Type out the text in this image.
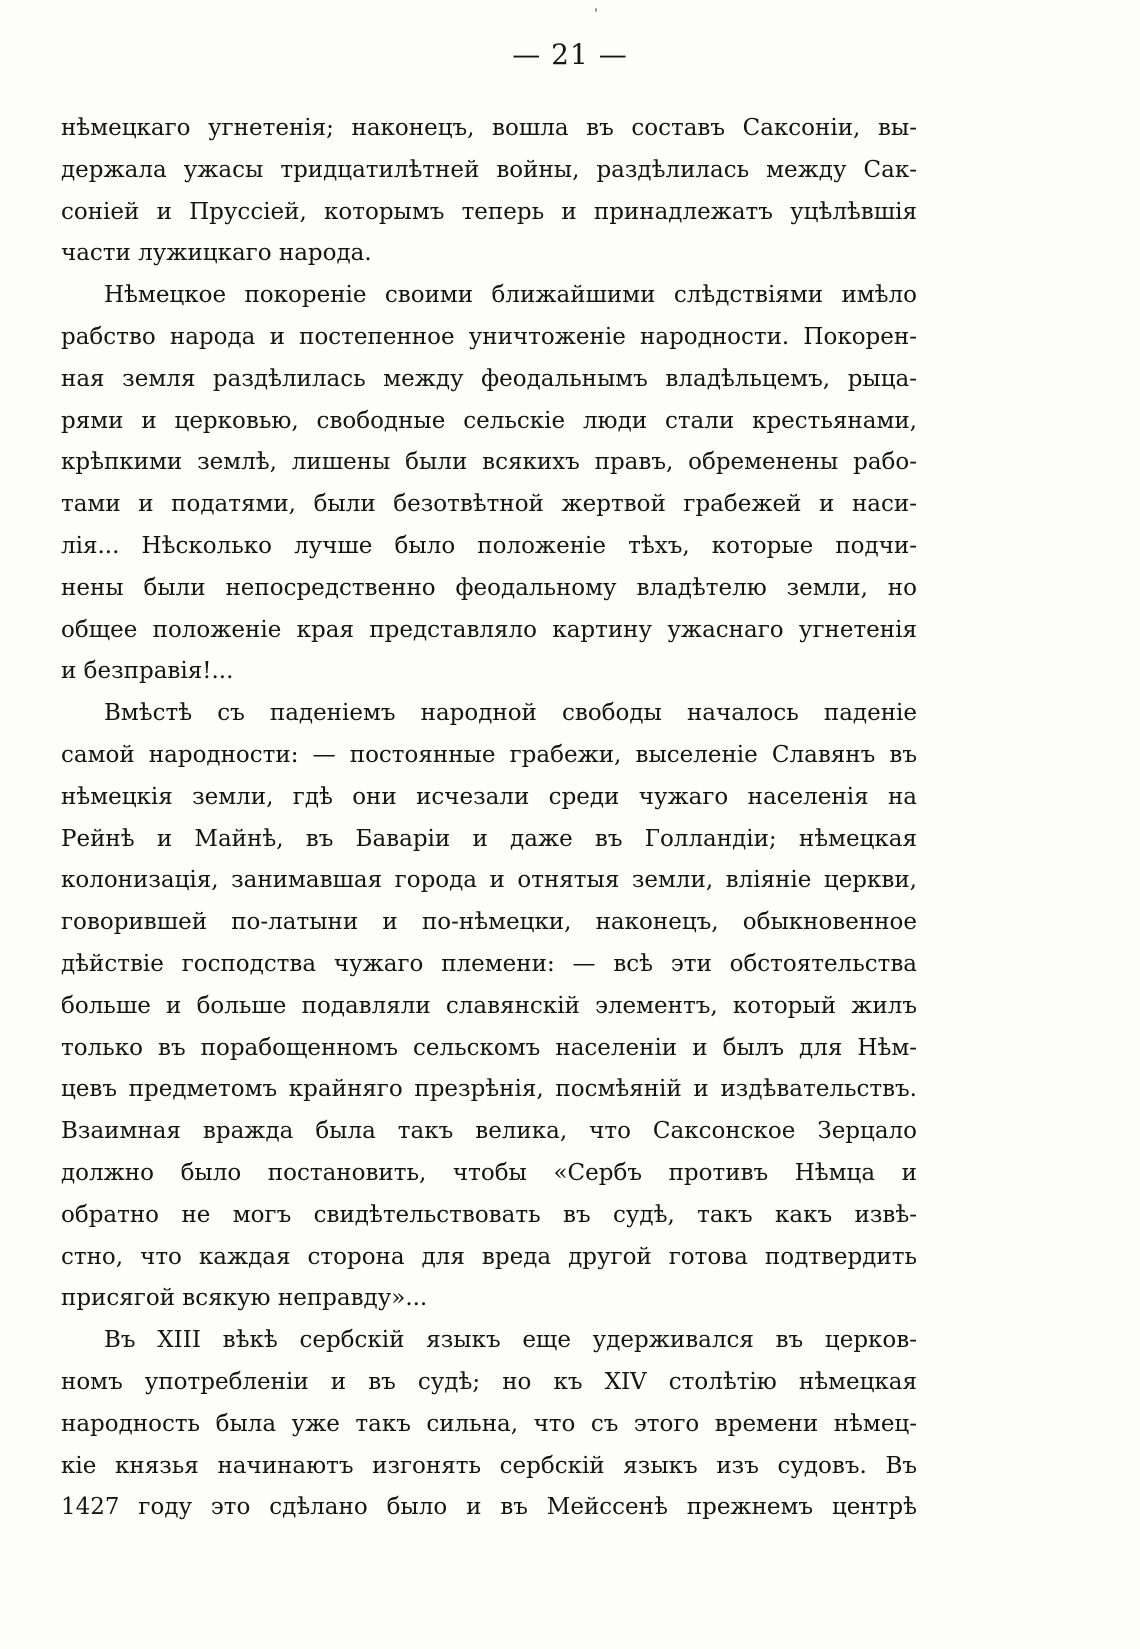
— 21 —
нѣмецкаго угнетенія; наконецъ, вошла въ составъ Саксоніи, вы-
держала ужасы тридцатилѣтней войны, раздѣлилась между Сак-
соніей и Пруссіей, которымъ теперь и принадлежатъ уцѣлѣвшія
части лужицкаго народа.
Нѣмецкое покореніе своими ближайшими слѣдствіями имѣло
рабство народа и постепенное уничтоженіе народности. Покорен-
ная земля раздѣлилась между феодальнымъ владѣльцемъ, рыца-
рями и церковью, свободные сельскіе люди стали крестьянами,
крѣпкими землѣ, лишены были всякихъ правъ, обременены рабо-
тами и податями, были безотвѣтной жертвой грабежей и наси-
лія... Нѣсколько лучше было положеніе тѣхъ, которые подчи-
нены были непосредственно феодальному владѣтелю земли, но
общее положеніе края представляло картину ужаснаго угнетенія
и безправія!...
Вмѣстѣ съ паденіемъ народной свободы началось паденіе
самой народности: — постоянные грабежи, выселеніе Славянъ въ
нѣмецкія земли, гдѣ они исчезали среди чужаго населенія на
Рейнѣ и Майнѣ, въ Баваріи и даже въ Голландіи; нѣмецкая
колонизація, занимавшая города и отнятыя земли, вліяніе церкви,
говорившей по-латыни и по-нѣмецки, наконецъ, обыкновенное
дѣйствіе господства чужаго племени: — всѣ эти обстоятельства
больше и больше подавляли славянскій элементъ, который жилъ
только въ порабощенномъ сельскомъ населеніи и былъ для Нѣм-
цевъ предметомъ крайняго презрѣнія, посмѣяній и издѣвательствъ.
Взаимная вражда была такъ велика, что Саксонское Зерцало
должно было постановить, чтобы «Сербъ противъ Нѣмца и
обратно не могъ свидѣтельствовать въ судѣ, такъ какъ извѣ-
стно, что каждая сторона для вреда другой готова подтвердить
присягой всякую неправду»...
Въ XIII вѣкѣ сербскій языкъ еще удерживался въ церков-
номъ употребленіи и въ судѣ; но къ XIV столѣтію нѣмецкая
народность была уже такъ сильна, что съ этого времени нѣмец-
кіе князья начинаютъ изгонять сербскій языкъ изъ судовъ. Въ
1427 году это сдѣлано было и въ Мейссенѣ прежнемъ центрѣ
